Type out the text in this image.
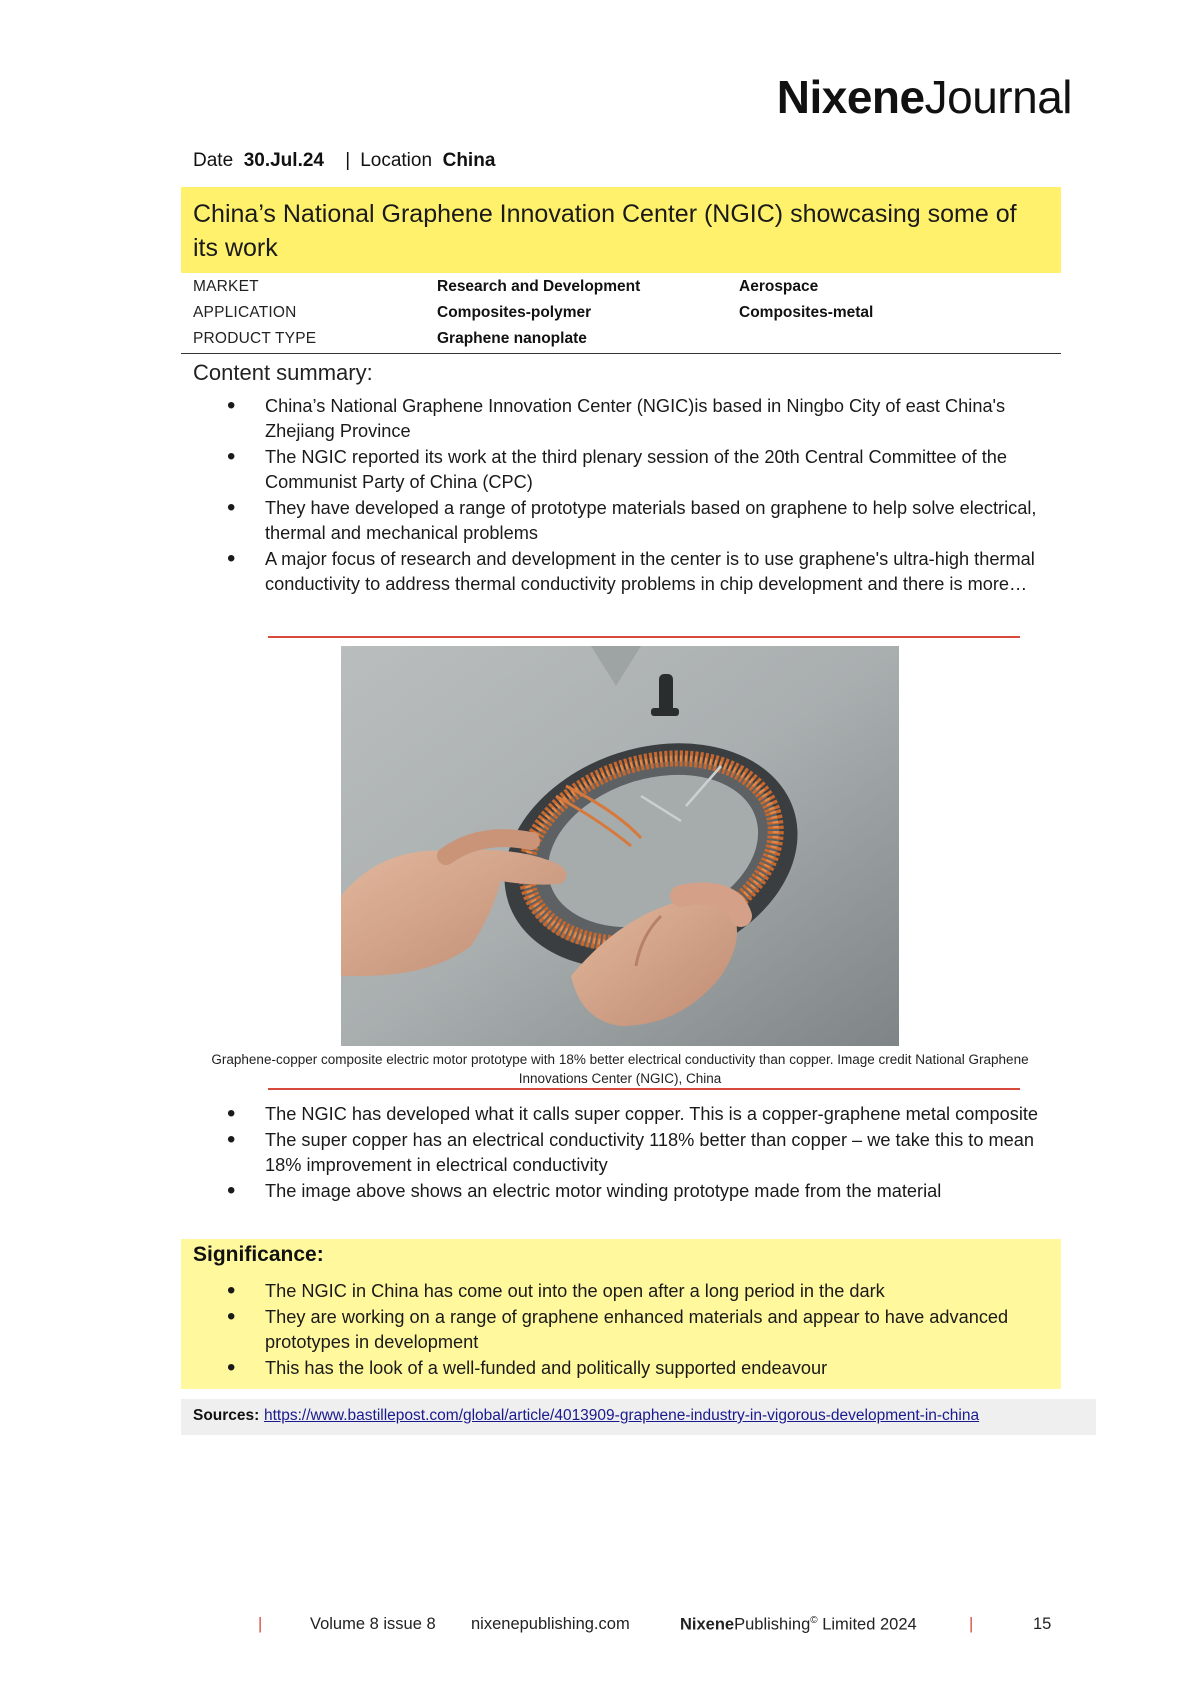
NixeneJournal
Date 30.Jul.24 | Location China
China’s National Graphene Innovation Center (NGIC) showcasing some of its work
MARKET	Research and Development	Aerospace
APPLICATION	Composites-polymer	Composites-metal
PRODUCT TYPE	Graphene nanoplate
Content summary:
• China’s National Graphene Innovation Center (NGIC)is based in Ningbo City of east China's Zhejiang Province
• The NGIC reported its work at the third plenary session of the 20th Central Committee of the Communist Party of China (CPC)
• They have developed a range of prototype materials based on graphene to help solve electrical, thermal and mechanical problems
• A major focus of research and development in the center is to use graphene's ultra-high thermal conductivity to address thermal conductivity problems in chip development and there is more…
Graphene-copper composite electric motor prototype with 18% better electrical conductivity than copper. Image credit National Graphene Innovations Center (NGIC), China
• The NGIC has developed what it calls super copper. This is a copper-graphene metal composite
• The super copper has an electrical conductivity 118% better than copper – we take this to mean 18% improvement in electrical conductivity
• The image above shows an electric motor winding prototype made from the material
Significance:
• The NGIC in China has come out into the open after a long period in the dark
• They are working on a range of graphene enhanced materials and appear to have advanced prototypes in development
• This has the look of a well-funded and politically supported endeavour
Sources: https://www.bastillepost.com/global/article/4013909-graphene-industry-in-vigorous-development-in-china
|	Volume 8 issue 8 nixenepublishing.com	NixenePublishing© Limited 2024	|	15
